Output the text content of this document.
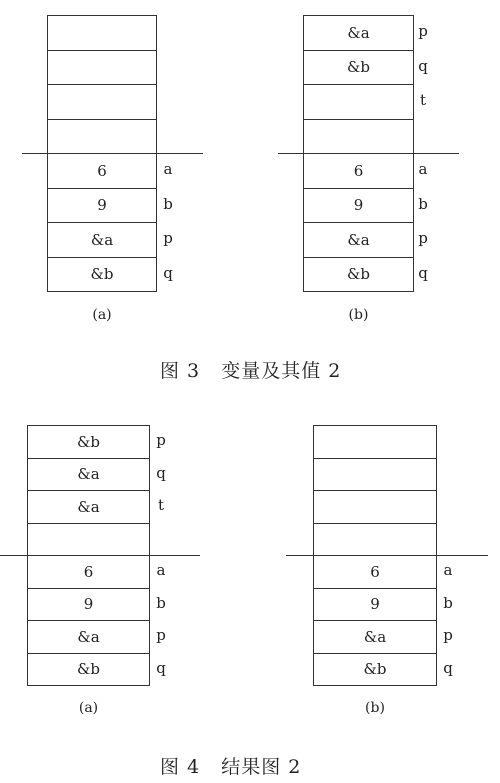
图 3   变量及其值 2
图 4   结果图 2
6
9
&a
&b
a
b
p
q
(a)
&a
&b
6
9
&a
&b
p
q
t
a
b
p
q
(b)
&b
&a
&a
6
9
&a
&b
p
q
t
a
b
p
q
(a)
6
9
&a
&b
a
b
p
q
(b)
